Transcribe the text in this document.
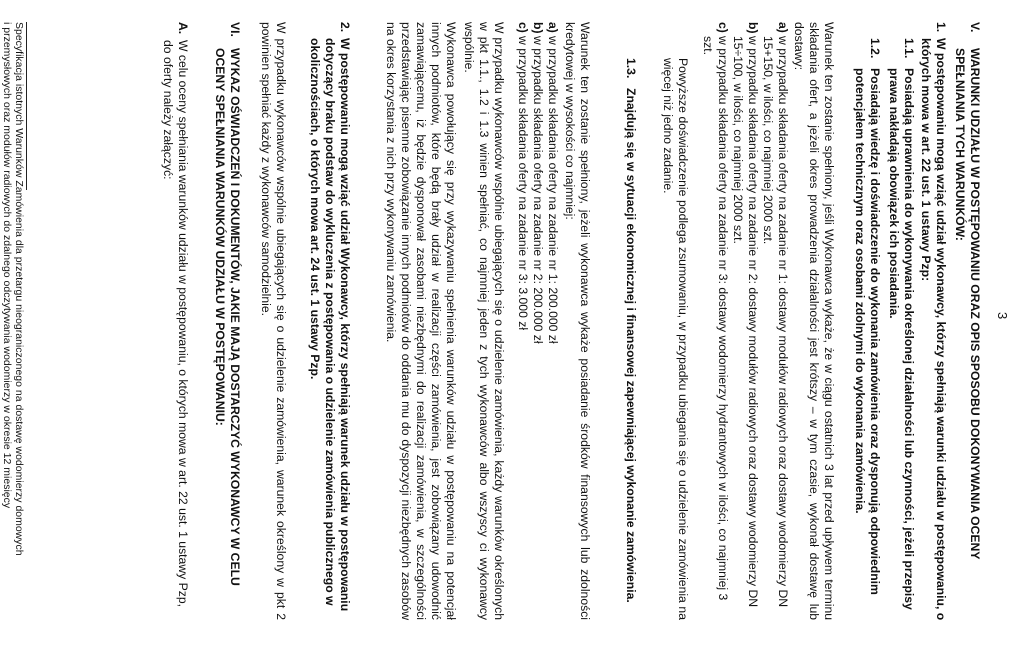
3
V.
WARUNKI UDZIAŁU W POSTĘPOWANIU ORAZ OPIS SPOSOBU DOKONYWANIA OCENY SPEŁNIANIA TYCH WARUNKÓW:
1.
W postępowaniu mogą wziąć udział wykonawcy, którzy spełniają warunki udziału w postępowaniu, o których mowa w art. 22 ust. 1 ustawy Pzp:
1.1.
Posiadają uprawnienia do wykonywania określonej działalności lub czynności, jeżeli przepisy prawa nakładają obowiązek ich posiadania.
1.2.
Posiadają wiedzę i doświadczenie do wykonania zamówienia oraz dysponują odpowiednim potencjałem technicznym oraz osobami zdolnymi do wykonania zamówienia.
Warunek ten zostanie spełniony, jeśli Wykonawca wykaże, że w ciągu ostatnich 3 lat przed upływem terminu składania ofert, a jeżeli okres prowadzenia działalności jest krótszy – w tym czasie, wykonał dostawę lub dostawy:
a)
w przypadku składania oferty na zadanie nr 1: dostawy modułów radiowych oraz dostawy wodomierzy DN 15+150, w ilości, co najmniej 2000 szt.
b)
w przypadku składania oferty na zadanie nr 2: dostawy modułów radiowych oraz dostawy wodomierzy DN 15÷100, w ilości, co najmniej 2000 szt.
c)
w przypadku składania oferty na zadanie nr 3: dostawy wodomierzy hydrantowych w ilości, co najmniej 3 szt.
Powyższe doświadczenie podlega zsumowaniu, w przypadku ubiegania się o udzielenie zamówienia na więcej niż jedno zadanie.
1.3.
Znajdują się w sytuacji ekonomicznej i finansowej zapewniającej wykonanie zamówienia.
Warunek ten zostanie spełniony, jeżeli wykonawca wykaże posiadanie środków finansowych lub zdolności kredytowej w wysokości co najmniej:
a)
w przypadku składania oferty na zadanie nr 1: 200.000 zł
b)
w przypadku składania oferty na zadanie nr 2: 200.000 zł
c)
w przypadku składania oferty na zadanie nr 3: 3.000 zł
W przypadku wykonawców wspólnie ubiegających się o udzielenie zamówienia, każdy warunków określonych w pkt 1.1., 1.2 i 1.3 winien spełniać, co najmniej jeden z tych wykonawców albo wszyscy ci wykonawcy wspólnie.
Wykonawca powołujący się przy wykazywaniu spełnienia warunków udziału w postępowaniu na potencjał innych podmiotów, które będą brały udział w realizacji części zamówienia, jest zobowiązany udowodnić zamawiającemu, iż będzie dysponował zasobami niezbędnymi do realizacji zamówienia, w szczególności przedstawiając pisemne zobowiązanie innych podmiotów do oddania mu do dyspozycji niezbędnych zasobów na okres korzystania z nich przy wykonywaniu zamówienia.
2.
W postępowaniu mogą wziąć udział Wykonawcy, którzy spełniają warunek udziału w postępowaniu dotyczący braku podstaw do wykluczenia z postępowania o udzielenie zamówienia publicznego w okolicznościach, o których mowa art. 24 ust. 1 ustawy Pzp.
W przypadku wykonawców wspólnie ubiegających się o udzielenie zamówienia, warunek określony w pkt 2 powinien spełniać każdy z wykonawców samodzielnie.
VI.
WYKAZ OŚWIADCZEŃ I DOKUMENTÓW, JAKIE MAJĄ DOSTARCZYĆ WYKONAWCY W CELU OCENY SPEŁNIANIA WARUNKÓW UDZIAŁU W POSTĘPOWANIU:
A.
W celu oceny spełniania warunków udziału w postępowaniu, o których mowa w art. 22 ust. 1 ustawy Pzp, do oferty należy załączyć:
Specyfikacja istotnych Warunków Zamówienia dla przetargu nieograniczonego na dostawę wodomierzy domowych
i przemysłowych oraz modułów radiowych do zdalnego odczytywania wodomierzy w okresie 12 miesięcy
